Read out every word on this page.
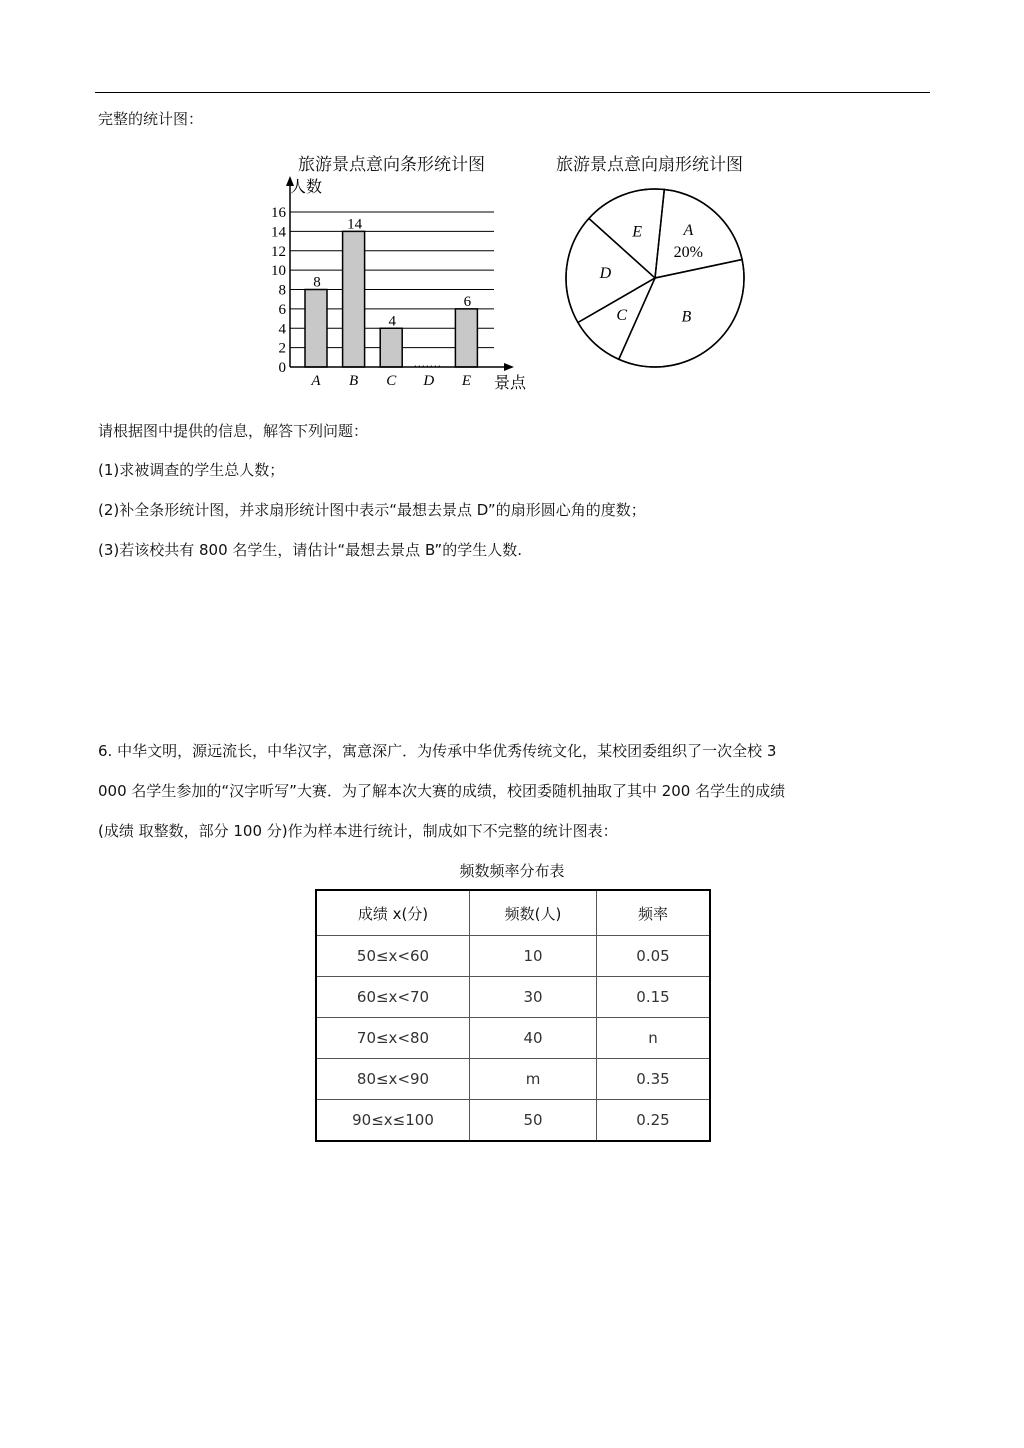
完整的统计图：
旅游景点意向条形统计图	旅游景点意向扇形统计图
0
2
4
6
8
10
12
14
16
8
A
14
B
4
C D
6
E
人数
景点
A
20%
B
C
D
E
请根据图中提供的信息，解答下列问题：
(1)求被调查的学生总人数；
(2)补全条形统计图，并求扇形统计图中表示“最想去景点 D”的扇形圆心角的度数；
(3)若该校共有 800 名学生，请估计“最想去景点 B”的学生人数.
6. 中华文明，源远流长，中华汉字，寓意深广．为传承中华优秀传统文化，某校团委组织了一次全校 3
000 名学生参加的“汉字听写”大赛．为了解本次大赛的成绩，校团委随机抽取了其中 200 名学生的成绩
(成绩 取整数，部分 100 分)作为样本进行统计，制成如下不完整的统计图表：
频数频率分布表
成绩 x(分)	频数(人)	频率
50≤x<60	10	0.05
60≤x<70	30	0.15
70≤x<80	40	n
80≤x<90	m	0.35
90≤x≤100	50	0.25
